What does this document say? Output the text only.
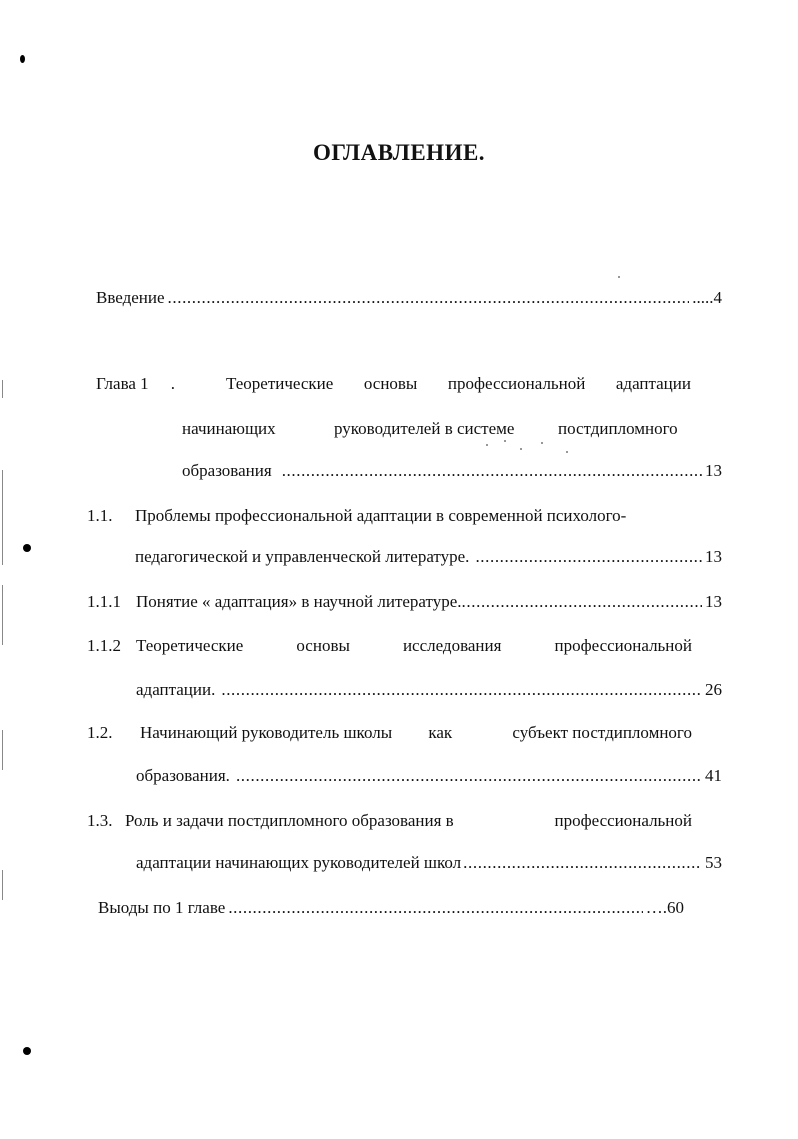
ОГЛАВЛЕНИЕ.
Введение .....	.....4
Глава 1 .	Теоретические основы профессиональной адаптации
начинающих	руководителей в системе	постдипломного
образования .....	13
1.1. Проблемы профессиональной адаптации в современной психолого-
педагогической и управленческой литературе. .....	13
1.1.1 Понятие « адаптация» в научной литературе. .....	13
1.1.2 Теоретические	основы	исследования	профессиональной
адаптации. .....	26
1.2. Начинающий руководитель школы как	субъект постдипломного
образования. .....	41
1.3. Роль и задачи постдипломного образования в	профессиональной
адаптации начинающих руководителей школ .....	53
Выоды по 1 главе .....	….60
